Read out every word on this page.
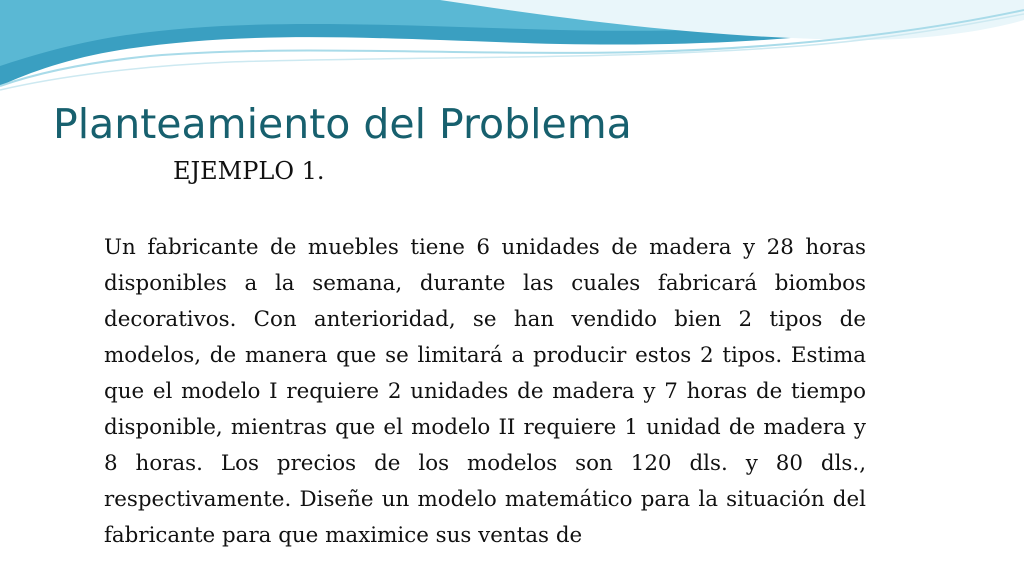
Planteamiento del Problema
EJEMPLO 1.

Un fabricante de muebles tiene 6 unidades de madera y 28 horas disponibles a la semana, durante las cuales fabricará biombos decorativos. Con anterioridad, se han vendido bien 2 tipos de modelos, de manera que se limitará a producir estos 2 tipos. Estima que el modelo I requiere 2 unidades de madera y 7 horas de tiempo disponible, mientras que el modelo II requiere 1 unidad de madera y 8 horas. Los precios de los modelos son 120 dls. y 80 dls., respectivamente. Diseñe un modelo matemático para la situación del fabricante para que maximice sus ventas de
